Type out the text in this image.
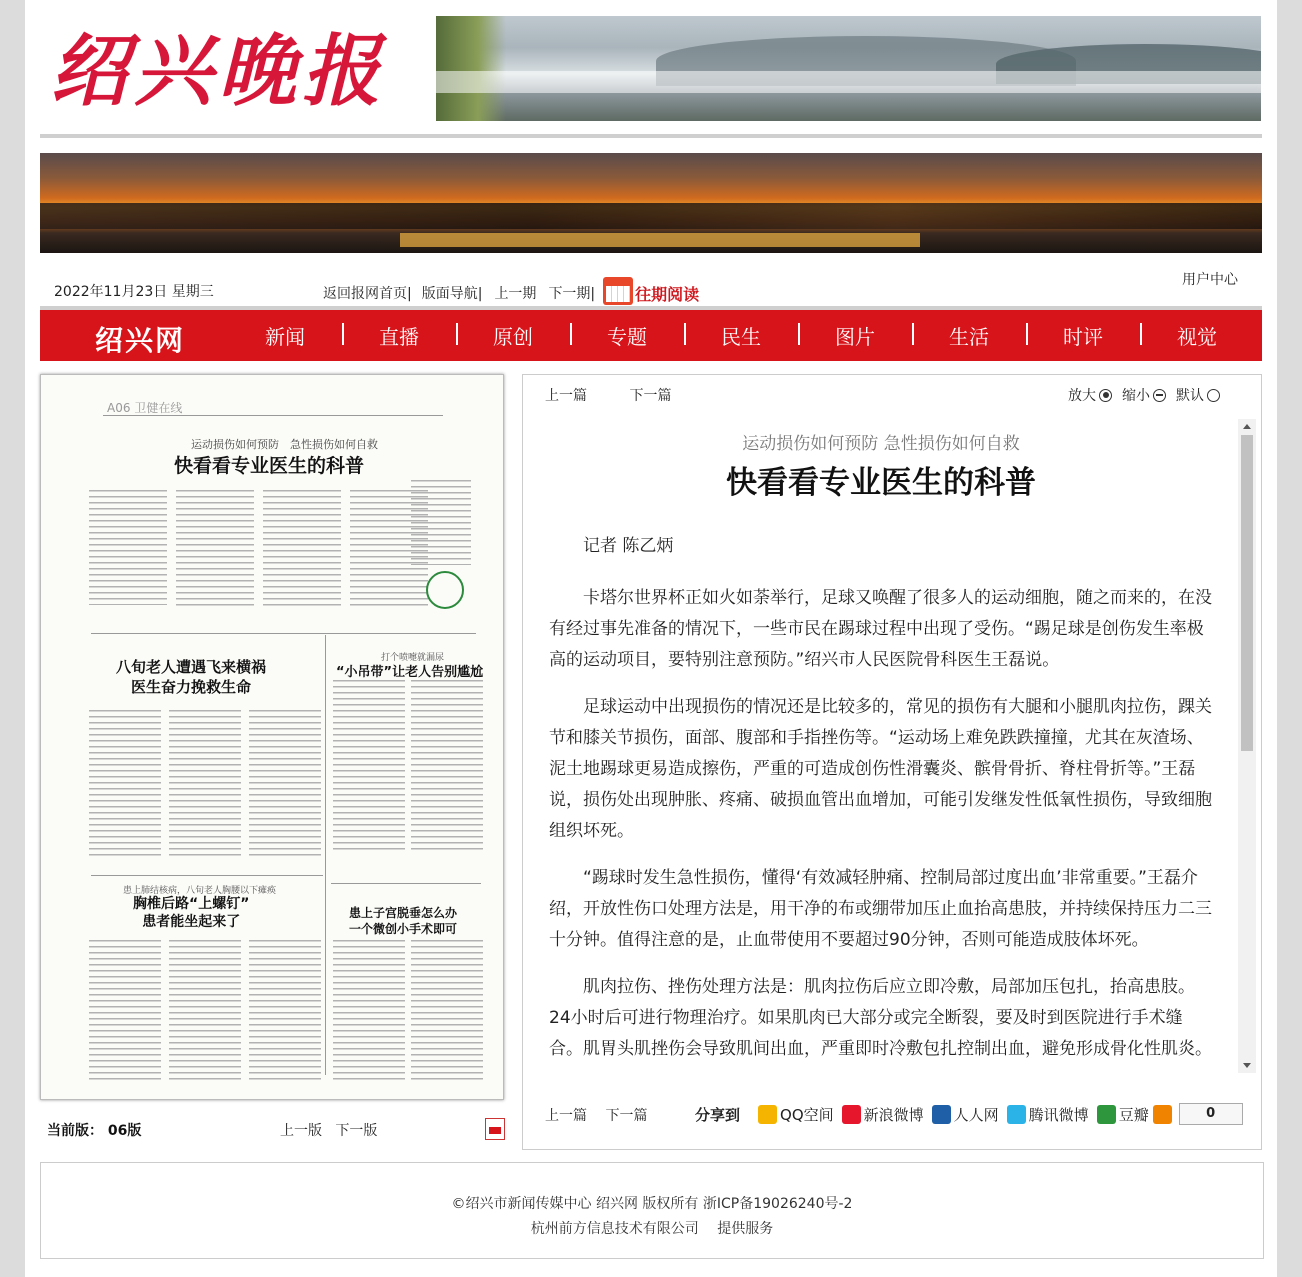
绍兴晚报
2022年11月23日 星期三	返回报网首页| 版面导航| 上一期 下一期|	往期阅读
用户中心
绍兴网	新闻	直播	原创	专题	民生	图片	生活	时评	视觉
A06 卫健在线
运动损伤如何预防　急性损伤如何自救
快看看专业医生的科普
八旬老人遭遇飞来横祸
医生奋力挽救生命
打个喷嚏就漏尿
“小吊带”让老人告别尴尬
患上肺结核病，八旬老人胸腰以下瘫痪
胸椎后路“上螺钉”
患者能坐起来了
患上子宫脱垂怎么办
一个微创小手术即可
当前版： 06版	上一版 下一版
上一篇	下一篇	放大 缩小 默认
运动损伤如何预防 急性损伤如何自救
快看看专业医生的科普

记者 陈乙炳

卡塔尔世界杯正如火如荼举行，足球又唤醒了很多人的运动细胞，随之而来的，在没有经过事先准备的情况下，一些市民在踢球过程中出现了受伤。“踢足球是创伤发生率极高的运动项目，要特别注意预防。”绍兴市人民医院骨科医生王磊说。

足球运动中出现损伤的情况还是比较多的，常见的损伤有大腿和小腿肌肉拉伤，踝关节和膝关节损伤，面部、腹部和手指挫伤等。“运动场上难免跌跌撞撞，尤其在灰渣场、泥土地踢球更易造成擦伤，严重的可造成创伤性滑囊炎、髌骨骨折、脊柱骨折等。”王磊说，损伤处出现肿胀、疼痛、破损血管出血增加，可能引发继发性低氧性损伤，导致细胞组织坏死。

“踢球时发生急性损伤，懂得‘有效减轻肿痛、控制局部过度出血’非常重要。”王磊介绍，开放性伤口处理方法是，用干净的布或绷带加压止血抬高患肢，并持续保持压力二三十分钟。值得注意的是，止血带使用不要超过90分钟，否则可能造成肢体坏死。

肌肉拉伤、挫伤处理方法是：肌肉拉伤后应立即冷敷，局部加压包扎，抬高患肢。24小时后可进行物理治疗。如果肌肉已大部分或完全断裂，要及时到医院进行手术缝合。肌胃头肌挫伤会导致肌间出血，严重即时冷敷包扎控制出血，避免形成骨化性肌炎。

上一篇 下一篇	分享到	QQ空间 新浪微博 人人网 腾讯微博 豆瓣	0
©绍兴市新闻传媒中心 绍兴网 版权所有 浙ICP备19026240号-2
杭州前方信息技术有限公司　 提供服务
